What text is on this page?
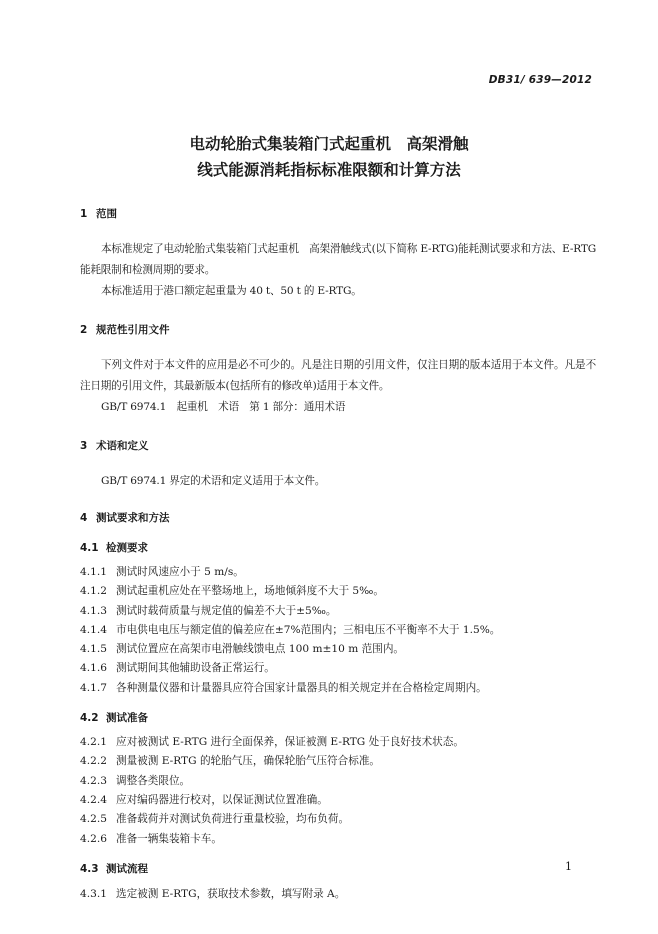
DB31/ 639—2012
电动轮胎式集装箱门式起重机　高架滑触
线式能源消耗指标标准限额和计算方法
1 范围
本标准规定了电动轮胎式集装箱门式起重机　高架滑触线式(以下简称 E-RTG)能耗测试要求和方法、E-RTG 能耗限制和检测周期的要求。
本标准适用于港口额定起重量为 40 t、50 t 的 E-RTG。
2 规范性引用文件
下列文件对于本文件的应用是必不可少的。凡是注日期的引用文件，仅注日期的版本适用于本文件。凡是不注日期的引用文件，其最新版本(包括所有的修改单)适用于本文件。
GB/T 6974.1　起重机　术语　第 1 部分：通用术语
3 术语和定义
GB/T 6974.1 界定的术语和定义适用于本文件。
4 测试要求和方法
4.1 检测要求
4.1.1 测试时风速应小于 5 m/s。
4.1.2 测试起重机应处在平整场地上，场地倾斜度不大于 5‰。
4.1.3 测试时载荷质量与规定值的偏差不大于±5‰。
4.1.4 市电供电电压与额定值的偏差应在±7%范围内；三相电压不平衡率不大于 1.5%。
4.1.5 测试位置应在高架市电滑触线馈电点 100 m±10 m 范围内。
4.1.6 测试期间其他辅助设备正常运行。
4.1.7 各种测量仪器和计量器具应符合国家计量器具的相关规定并在合格检定周期内。
4.2 测试准备
4.2.1 应对被测试 E-RTG 进行全面保养，保证被测 E-RTG 处于良好技术状态。
4.2.2 测量被测 E-RTG 的轮胎气压，确保轮胎气压符合标准。
4.2.3 调整各类限位。
4.2.4 应对编码器进行校对，以保证测试位置准确。
4.2.5 准备载荷并对测试负荷进行重量校验，均布负荷。
4.2.6 准备一辆集装箱卡车。
4.3 测试流程
4.3.1 选定被测 E-RTG，获取技术参数，填写附录 A。
1
